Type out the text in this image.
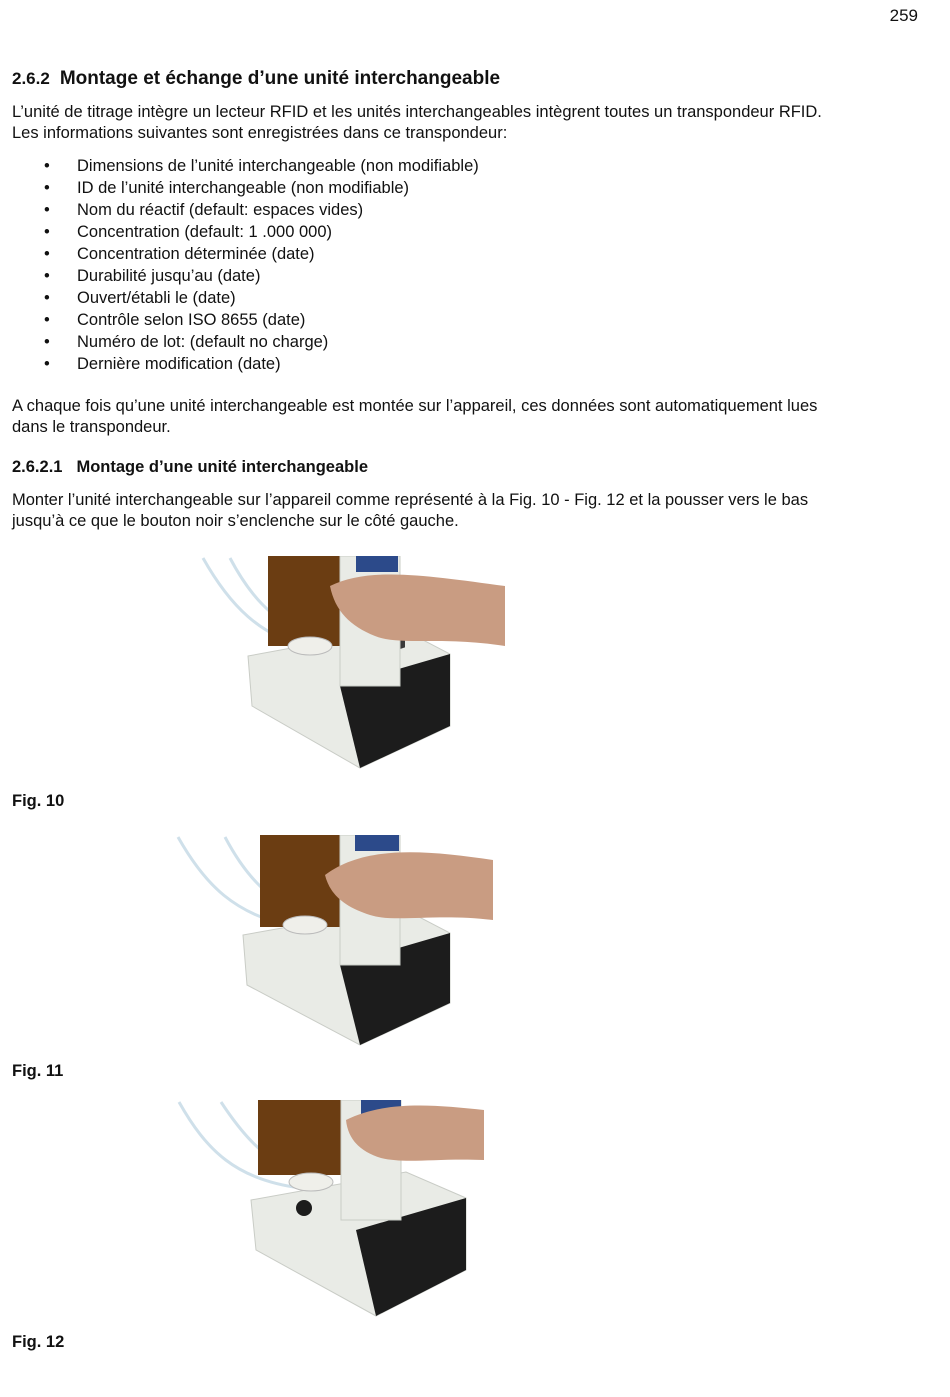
259
2.6.2 Montage et échange d’une unité interchangeable

L’unité de titrage intègre un lecteur RFID et les unités interchangeables intègrent toutes un transpondeur RFID.

Les informations suivantes sont enregistrées dans ce transpondeur:

• Dimensions de l’unité interchangeable (non modifiable)
• ID de l’unité interchangeable (non modifiable)
• Nom du réactif (default: espaces vides)
• Concentration (default: 1 .000 000)
• Concentration déterminée (date)
• Durabilité jusqu’au (date)
• Ouvert/établi le (date)
• Contrôle selon ISO 8655 (date)
• Numéro de lot: (default no charge)
• Dernière modification (date)

A chaque fois qu’une unité interchangeable est montée sur l’appareil, ces données sont automatiquement lues

dans le transpondeur.

2.6.2.1 Montage d’une unité interchangeable

Monter l’unité interchangeable sur l’appareil comme représenté à la Fig. 10 - Fig. 12 et la pousser vers le bas

jusqu’à ce que le bouton noir s’enclenche sur le côté gauche.

Fig. 10
Fig. 11
Fig. 12
